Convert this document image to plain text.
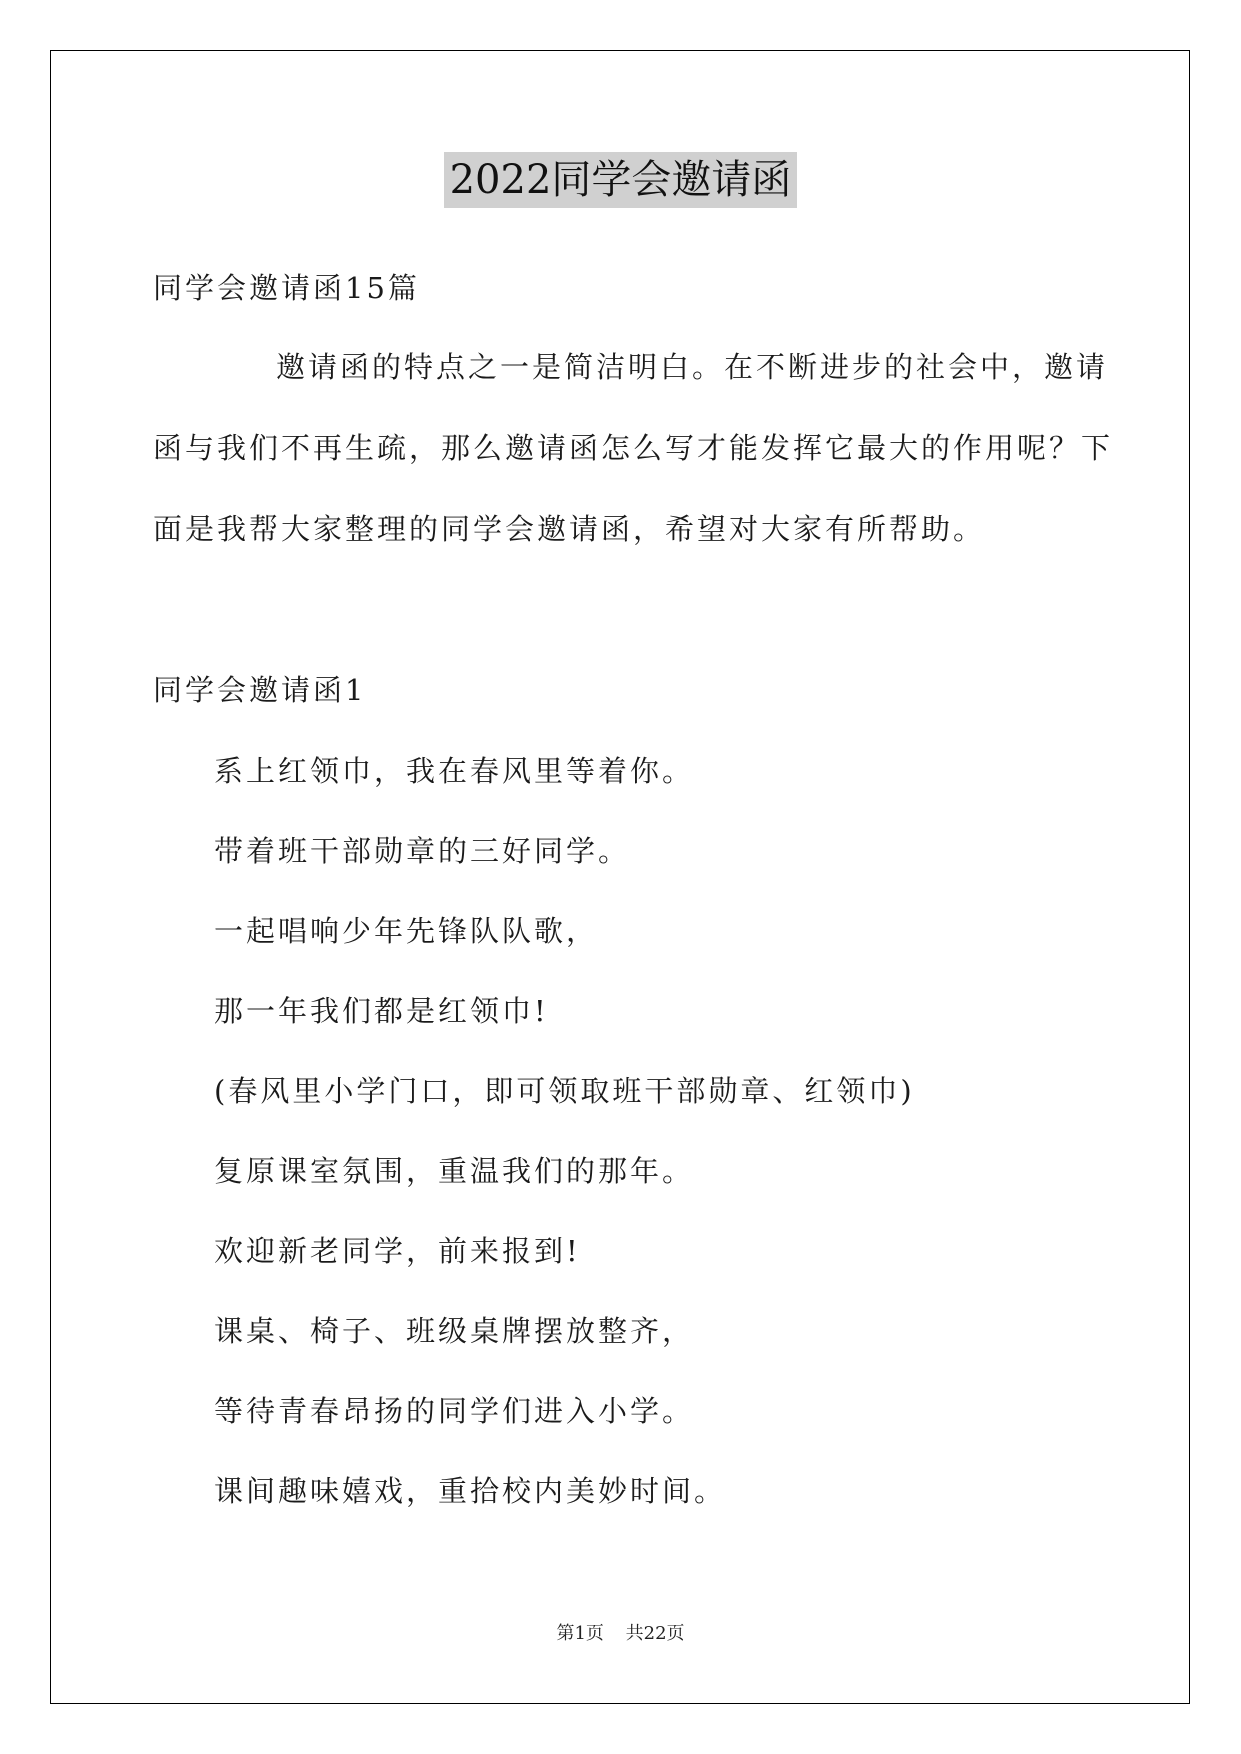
2022同学会邀请函
同学会邀请函15篇
邀请函的特点之一是简洁明白。在不断进步的社会中，邀请
函与我们不再生疏，那么邀请函怎么写才能发挥它最大的作用呢？下
面是我帮大家整理的同学会邀请函，希望对大家有所帮助。
同学会邀请函1
系上红领巾，我在春风里等着你。
带着班干部勋章的三好同学。
一起唱响少年先锋队队歌，
那一年我们都是红领巾!
(春风里小学门口，即可领取班干部勋章、红领巾)
复原课室氛围，重温我们的那年。
欢迎新老同学，前来报到!
课桌、椅子、班级桌牌摆放整齐，
等待青春昂扬的同学们进入小学。
课间趣味嬉戏，重拾校内美妙时间。
第1页 共22页
